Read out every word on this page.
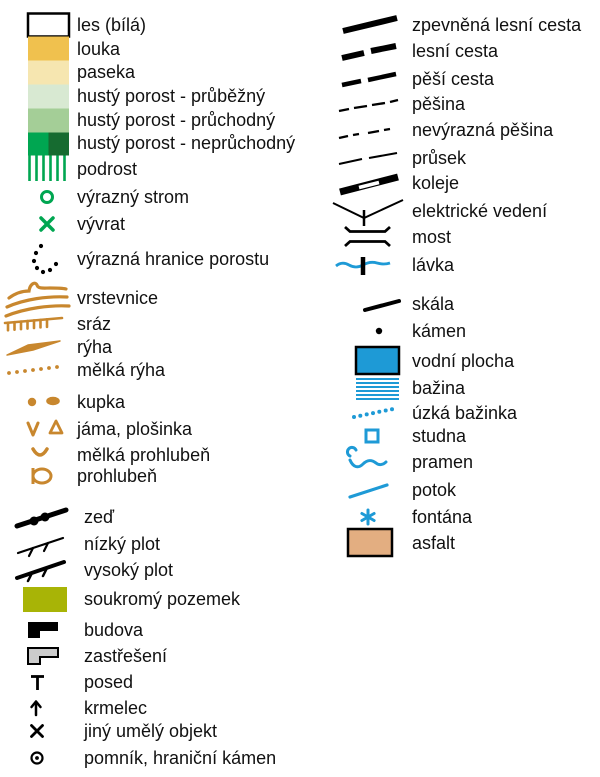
les (bílá)
louka
paseka
hustý porost - průběžný
hustý porost - průchodný
hustý porost - neprůchodný
podrost
výrazný strom
vývrat
výrazná hranice porostu
vrstevnice
sráz
rýha
mělká rýha
kupka
jáma, plošinka
mělká prohlubeň
prohlubeň
zeď
nízký plot
vysoký plot
soukromý pozemek
budova
zastřešení
posed
krmelec
jiný umělý objekt
pomník, hraniční kámen
zpevněná lesní cesta
lesní cesta
pěší cesta
pěšina
nevýrazná pěšina
průsek
koleje
elektrické vedení
most
lávka
skála
kámen
vodní plocha
bažina
úzká bažinka
studna
pramen
potok
fontána
asfalt
